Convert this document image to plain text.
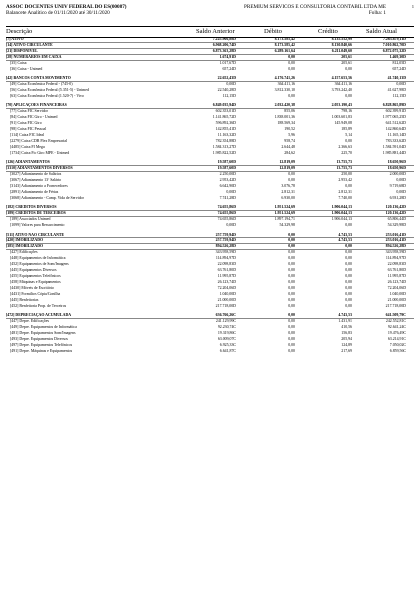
ASSOC DOCENTES UNIV FEDERAL DO ES(00087)
Balancete Analítico de 01/11/2020 até 30/11/2020
PREMIUM SERVICOS E CONSULTORIA CONTABIL LTDA ME
Folha: 1
1
Descrição	Saldo Anterior	Débito	Crédito	Saldo Atual
[7] ATIVO	7.225.966,88D	8.173.585,42	8.135.552,99	7.263.679,11D
[14] ATIVO CIRCULANTE	6.968.206,74D	8.173.585,42	8.130.840,66	7.010.862,70D
[21] DISPONÍVEL	6.873.363,28D	6.289.161,64	6.211.049,60	6.872.075,32D
[28] NUMERÁRIOS EM CAIXA	1.674,91D	0,00	205,61	1.469,30D
[35] Caixa	1.017,67D	0,00	205,61	812,05D
[36] Caixa - Unimed	657,24D	0,00	0,00	657,24D
[42] BANCOS CONTA MOVIMENTO	22.652,43D	4.176.741,26	4.157.653,56	41.740,13D
[49] Caixa Econômica Federal - (745-0)	0,00D	364.411,16	364.411,16	0,00D
[56] Caixa Econômica Federal (5.351-5) - Unimed	22.540,28D	3.812.330,10	3.793.242,40	41.627,98D
[63] Caixa Econômica Federal (1.520-7) - Vivo	112,15D	0,00	0,00	112,15D
[70] APLICAÇÕES FINANCEIRAS	6.849.035,94D	2.032.420,38	2.053.190,43	6.828.865,89D
[77] Caixa FIC Servidor	602.353,01D	855,06	798,16	602.399,91D
[84] Caixa FIC Giro - Unimed	1.141.865,72D	1.838.001,36	1.003.601,83	1.977.065,25D
[91] Caixa FIC Giro	596.892,36D	188.569,34	145.949,08	641.512,62D
[98] Caixa FIC Pessoal	142.855,41D	190,52	185,89	142.860,64D
[114] Caixa FIC Ideal	11.163,32D	5,96	5,14	11.165,14D
[2279] Caixa CDB Flex Empresarial	782.354,88D	958,74	0,00	783.333,62D
[4485] Caixa FI Mega	1.584.313,27D	2.644,48	2.366,63	1.584.591,04D
[1734] Caixa Fic Giro MPE - Unimed	1.985.822,52D	284,62	225,70	1.985.881,44D
[126] ADIANTAMENTOS	19.587,60D	12.819,09	13.755,73	18.650,96D
[3310] ADIANTAMENTOS DIVERSOS	19.587,60D	12.819,09	13.755,73	18.650,96D
[3027] Adiantamento de Salários	2.250,00D	0,00	250,00	2.000,00D
[3067] Adiantamento 13º Salário	2.953,42D	0,00	2.953,42	0,00D
[3143] Adiantamento a Fornecedores	6.642,90D	3.076,78	0,00	9.719,68D
[2891] Adiantamento de Férias	0,00D	2.812,31	2.812,31	0,00D
[3068] Adiantamento - Camp. Vida de Servidor	7.741,28D	6.930,00	7.740,00	6.931,28D
[182] CRÉDITOS DIVERSOS	74.655,86D	1.951.524,69	1.906.044,13	120.136,42D
[189] CRÉDITOS DE TERCEIROS	74.655,86D	1.951.524,69	1.906.044,13	120.136,42D
[189] Associados Unimed	74.655,86D	1.897.194,71	1.906.044,13	65.806,44D
[1099] Valores para Ressarcimento	0,00D	54.329,98	0,00	54.329,98D
[511] ATIVO NÃO CIRCULANTE	257.759,94D	0,00	4.743,53	253.016,41D
[420] IMOBILIZADO	257.759,94D	0,00	4.743,53	253.016,41D
[385] IMOBILIZADO	894.526,28D	0,00	0,00	894.526,28D
[427] Edificações	343.958,59D	0,00	0,00	343.958,59D
[448] Equipamentos de Informática	114.894,97D	0,00	0,00	114.894,97D
[452] Equipamentos de Som/Imagens	22.098,83D	0,00	0,00	22.098,83D
[445] Equipamentos Diversos	63.761,80D	0,00	0,00	63.761,80D
[455] Equipamentos Telefônicos	11.995,87D	0,00	0,00	11.995,87D
[458] Máquinas e Equipamentos	26.123,74D	0,00	0,00	26.123,74D
[4430] Móveis de Escritório	72.204,06D	0,00	0,00	72.204,06D
[4431] Formiltos Cópia/Conilha	1.040,00D	0,00	0,00	1.040,00D
[445] Benfeitorias	21.000,00D	0,00	0,00	21.000,00D
[452] Benfeitoria Prop. de Terceiros	217.718,00D	0,00	0,00	217.718,00D
[472] DEPRECIAÇÃO ACUMULADA	636.766,26C	0,00	4.743,53	641.509,79C
[447] Depre. Edificações	241.129,99C	0,00	1.431,91	242.552,81C
[449] Depre. Equipamentos de Informática	92.230,74C	0,00	410,56	92.641,24C
[481] Depre. Equipamentos Som/Imagens	19.319,86C	0,00	156,83	19.476,49C
[493] Depre. Equipamentos Diversos	63.009,07C	0,00	205,94	63.214,91C
[497] Depre. Equipamentos Telefônicos	6.925,33C	0,00	124,89	7.050,02C
[491] Depre. Máquinas e Equipamentos	6.641,87C	0,00	217,69	6.859,56C
